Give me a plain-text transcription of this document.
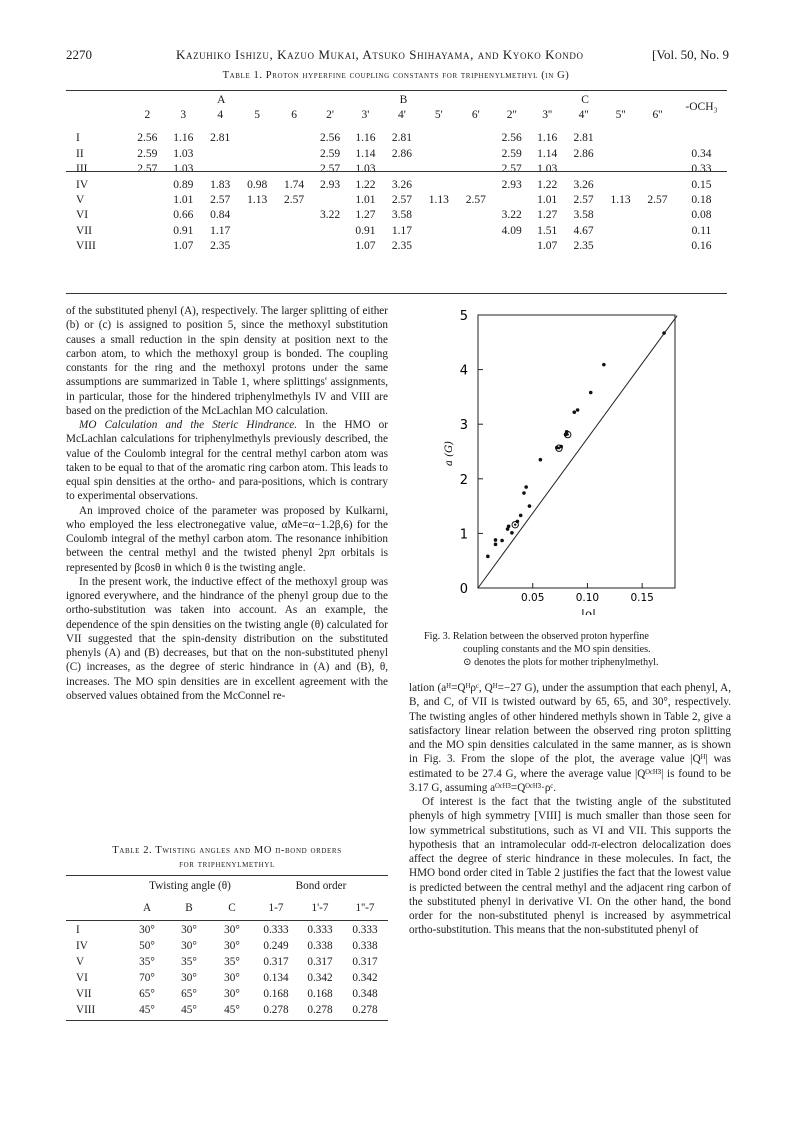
2270	Kazuhiko Ishizu, Kazuo Mukai, Atsuko Shihayama, and Kyoko Kondo	[Vol. 50, No. 9
Table 1. Proton hyperfine coupling constants for triphenylmethyl (in G)
	A					B					C					-OCH₃
	2	3	4	5	6	2'	3'	4'	5'	6'	2''	3''	4''	5''	6''	
I	2.56	1.16	2.81			2.56	1.16	2.81			2.56	1.16	2.81			
II	2.59	1.03				2.59	1.14	2.86			2.59	1.14	2.86			0.34
III	2.57	1.03				2.57	1.03				2.57	1.03				0.33
IV		0.89	1.83	0.98	1.74	2.93	1.22	3.26			2.93	1.22	3.26			0.15
V		1.01	2.57	1.13	2.57		1.01	2.57	1.13	2.57		1.01	2.57	1.13	2.57	0.18
VI		0.66	0.84			3.22	1.27	3.58			3.22	1.27	3.58			0.08
VII		0.91	1.17				0.91	1.17			4.09	1.51	4.67			0.11
VIII		1.07	2.35				1.07	2.35				1.07	2.35			0.16

of the substituted phenyl (A), respectively. The larger splitting of either (b) or (c) is assigned to position 5, since the methoxyl substitution causes a small reduction in the spin density at position next to the carbon atom, to which the methoxyl group is bonded. The coupling constants for the ring and the methoxyl protons under the same assumptions are summarized in Table 1, where splittings' assignments, in particular, those for the hindered triphenylmethyls IV and VIII are based on the prediction of the McLachlan MO calculation.

MO Calculation and the Steric Hindrance. In the HMO or McLachlan calculations for triphenylmethyls previously described, the value of the Coulomb integral for the central methyl carbon atom was taken to be equal to that of the aromatic ring carbon atom. This leads to equal spin densities at the ortho- and para-positions, which is contrary to experimental observations.

An improved choice of the parameter was proposed by Kulkarni, who employed the less electronegative value, αMe=α−1.2β,6) for the Coulomb integral of the methyl carbon atom. The resonance inhibition between the central methyl and the twisted phenyl 2pπ orbitals is represented by βcosθ in which θ is the twisting angle.

In the present work, the inductive effect of the methoxyl group was ignored everywhere, and the hindrance of the phenyl group due to the ortho-substitution was taken into account. As an example, the dependence of the spin densities on the twisting angle (θ) calculated for VII suggested that the spin-density distribution on the substituted phenyls (A) and (B) decreases, but that on the non-substituted phenyl (C) increases, as the degree of steric hindrance in (A) and (B), θ, increases. The MO spin densities are in excellent agreement with the observed values obtained from the McConnel re-

Table 2. Twisting angles and MO π-bond orders
for triphenylmethyl
	Twisting angle (θ)			Bond order		
	A	B	C	1-7	1'-7	1''-7
I	30°	30°	30°	0.333	0.333	0.333
IV	50°	30°	30°	0.249	0.338	0.338
V	35°	35°	35°	0.317	0.317	0.317
VI	70°	30°	30°	0.134	0.342	0.342
VII	65°	65°	30°	0.168	0.168	0.348
VIII	45°	45°	45°	0.278	0.278	0.278
0
1
2
3
4
5
0.05	0.10	0.15
|ρ|
a (G)
Fig. 3. Relation between the observed proton hyperfine
coupling constants and the MO spin densities.
⊙ denotes the plots for mother triphenylmethyl.

lation (aᴴ=Qᴴρᶜ, Qᴴ=−27 G), under the assumption that each phenyl, A, B, and C, of VII is twisted outward by 65, 65, and 30°, respectively. The twisting angles of other hindered methyls shown in Table 2, give a satisfactory linear relation between the observed ring proton splitting and the MO spin densities calculated in the same manner, as is shown in Fig. 3. From the slope of the plot, the average value |Qᴴ| was estimated to be 27.4 G, where the average value |Qᴼᶜᴴ³| is found to be 3.17 G, assuming aᴼᶜᴴ³=Qᴼᶜᴴ³·ρᶜ.

Of interest is the fact that the twisting angle of the substituted phenyls of high symmetry [VIII] is much smaller than those seen for low symmetrical substitutions, such as VI and VII. This supports the hypothesis that an intramolecular odd-π-electron delocalization does affect the degree of steric hindrance in these molecules. In fact, the HMO bond order cited in Table 2 justifies the fact that the lowest value is predicted between the central methyl and the adjacent ring carbon of the substituted phenyl in derivative VI. On the other hand, the bond order for the non-substituted phenyl is increased by asymmetrical ortho-substitution. This means that the non-substituted phenyl of
